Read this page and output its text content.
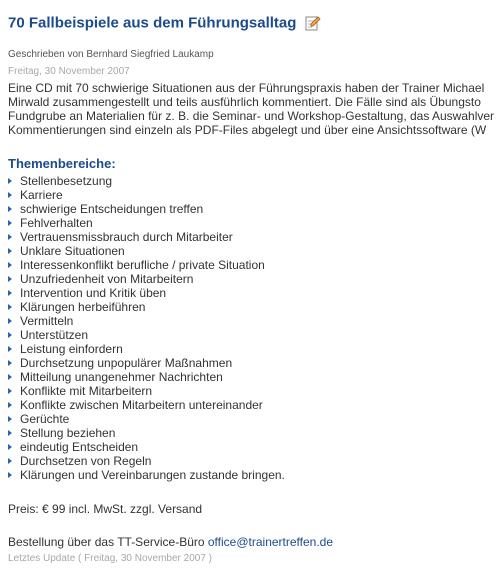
70 Fallbeispiele aus dem Führungsalltag
Geschrieben von Bernhard Siegfried Laukamp
Freitag, 30 November 2007
Eine CD mit 70 schwierige Situationen aus der Führungspraxis haben der Trainer Michael
Mirwald zusammengestellt und teils ausführlich kommentiert. Die Fälle sind als Übungsto
Fundgrube an Materialien für z. B. die Seminar- und Workshop-Gestaltung, das Auswahlver
Kommentierungen sind einzeln als PDF-Files abgelegt und über eine Ansichtssoftware (W
Themenbereiche:
Stellenbesetzung
Karriere
schwierige Entscheidungen treffen
Fehlverhalten
Vertrauensmissbrauch durch Mitarbeiter
Unklare Situationen
Interessenkonflikt berufliche / private Situation
Unzufriedenheit von Mitarbeitern
Intervention und Kritik üben
Klärungen herbeiführen
Vermitteln
Unterstützen
Leistung einfordern
Durchsetzung unpopulärer Maßnahmen
Mitteilung unangenehmer Nachrichten
Konflikte mit Mitarbeitern
Konflikte zwischen Mitarbeitern untereinander
Gerüchte
Stellung beziehen
eindeutig Entscheiden
Durchsetzen von Regeln
Klärungen und Vereinbarungen zustande bringen.
Preis: € 99 incl. MwSt. zzgl. Versand
Bestellung über das TT-Service-Büro office@trainertreffen.de
Letztes Update ( Freitag, 30 November 2007 )
